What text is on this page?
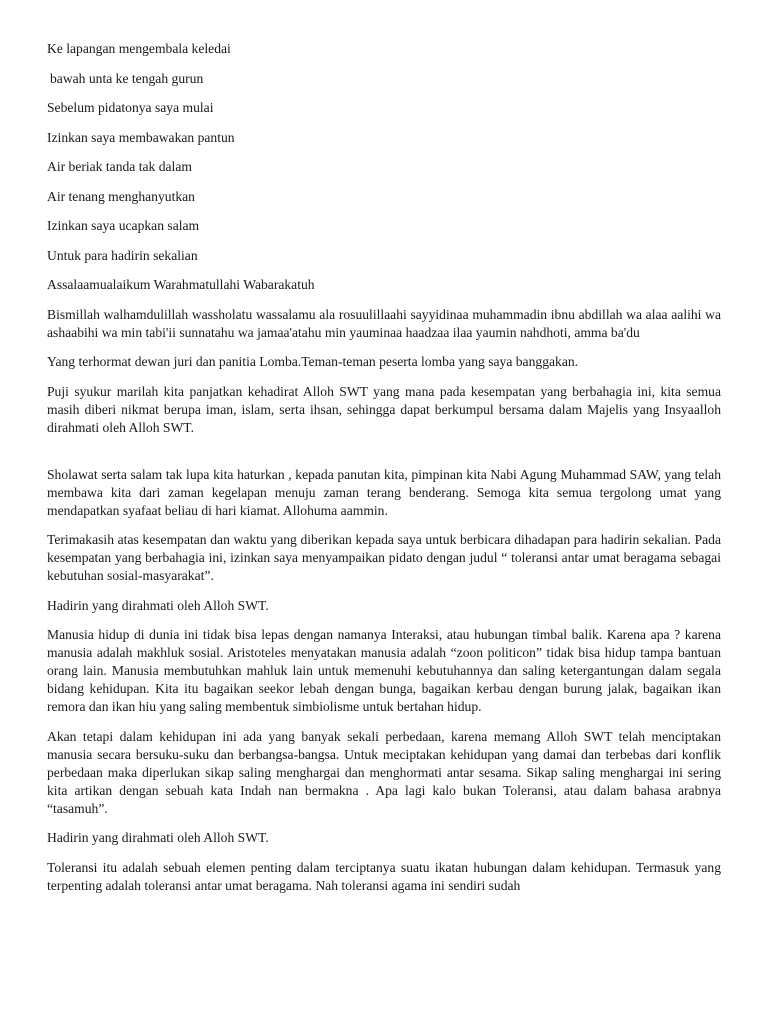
Ke lapangan mengembala keledai

bawah unta ke tengah gurun

Sebelum pidatonya saya mulai

Izinkan saya membawakan pantun

Air beriak tanda tak dalam

Air tenang menghanyutkan

Izinkan saya ucapkan salam

Untuk para hadirin sekalian

Assalaamualaikum Warahmatullahi Wabarakatuh

Bismillah walhamdulillah wassholatu wassalamu ala rosuulillaahi sayyidinaa muhammadin ibnu abdillah wa alaa aalihi wa ashaabihi wa min tabi'ii sunnatahu wa jamaa'atahu min yauminaa haadzaa ilaa yaumin nahdhoti, amma ba'du

Yang terhormat dewan juri dan panitia Lomba.Teman-teman peserta lomba yang saya banggakan.

Puji syukur marilah kita panjatkan kehadirat Alloh SWT yang mana pada kesempatan yang berbahagia ini, kita semua masih diberi nikmat berupa iman, islam, serta ihsan, sehingga dapat berkumpul bersama dalam Majelis yang Insyaalloh dirahmati oleh Alloh SWT.

Sholawat serta salam tak lupa kita haturkan , kepada panutan kita, pimpinan kita Nabi Agung Muhammad SAW, yang telah membawa kita dari zaman kegelapan menuju zaman terang benderang. Semoga kita semua tergolong umat yang mendapatkan syafaat beliau di hari kiamat. Allohuma aammin.

Terimakasih atas kesempatan dan waktu yang diberikan kepada saya untuk berbicara dihadapan para hadirin sekalian. Pada kesempatan yang berbahagia ini, izinkan saya menyampaikan pidato dengan judul “ toleransi antar umat beragama sebagai kebutuhan sosial-masyarakat”.

Hadirin yang dirahmati oleh Alloh SWT.

Manusia hidup di dunia ini tidak bisa lepas dengan namanya Interaksi, atau hubungan timbal balik. Karena apa ? karena manusia adalah makhluk sosial. Aristoteles menyatakan manusia adalah “zoon politicon” tidak bisa hidup tampa bantuan orang lain. Manusia membutuhkan mahluk lain untuk memenuhi kebutuhannya dan saling ketergantungan dalam segala bidang kehidupan. Kita itu bagaikan seekor lebah dengan bunga, bagaikan kerbau dengan burung jalak, bagaikan ikan remora dan ikan hiu yang saling membentuk simbiolisme untuk bertahan hidup.

Akan tetapi dalam kehidupan ini ada yang banyak sekali perbedaan, karena memang Alloh SWT telah menciptakan manusia secara bersuku-suku dan berbangsa-bangsa. Untuk meciptakan kehidupan yang damai dan terbebas dari konflik perbedaan maka diperlukan sikap saling menghargai dan menghormati antar sesama. Sikap saling menghargai ini sering kita artikan dengan sebuah kata Indah nan bermakna . Apa lagi kalo bukan Toleransi, atau dalam bahasa arabnya “tasamuh”.

Hadirin yang dirahmati oleh Alloh SWT.

Toleransi itu adalah sebuah elemen penting dalam terciptanya suatu ikatan hubungan dalam kehidupan. Termasuk yang terpenting adalah toleransi antar umat beragama. Nah toleransi agama ini sendiri sudah
